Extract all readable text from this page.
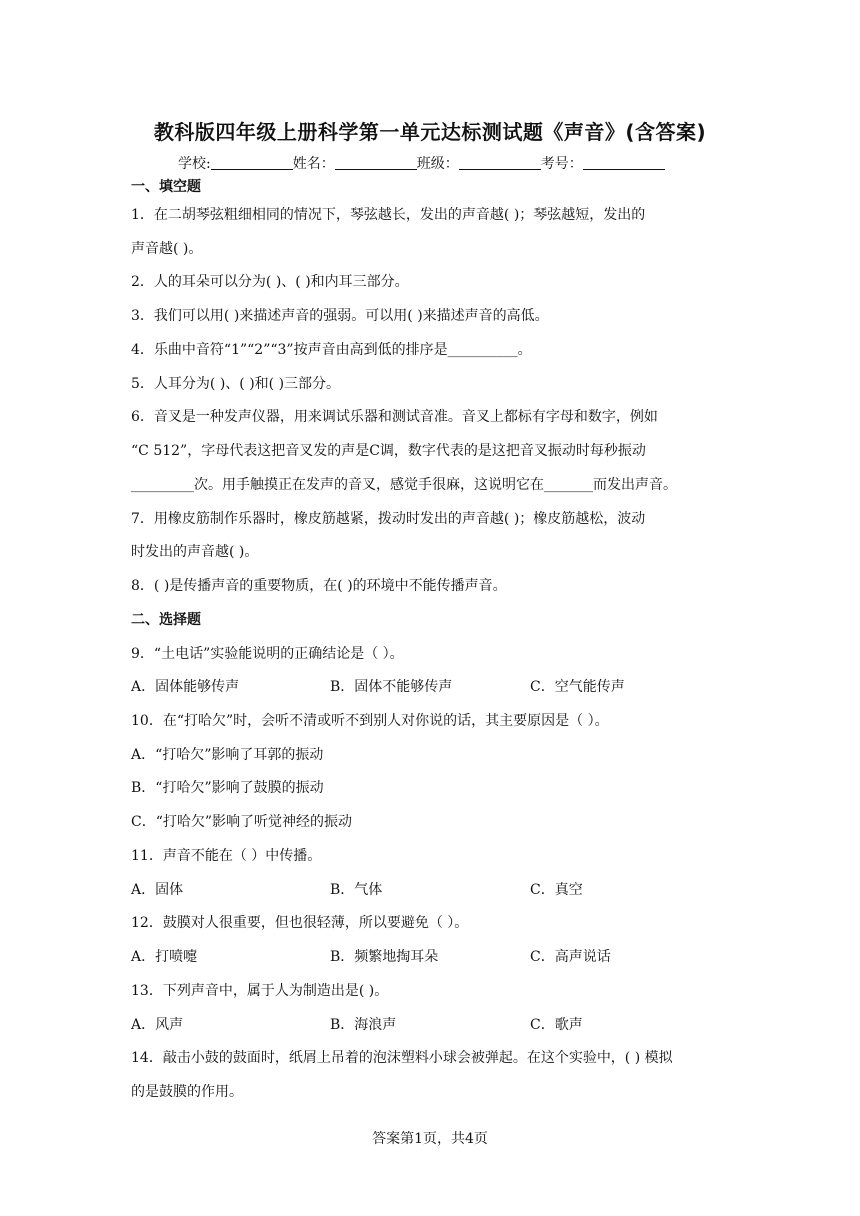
教科版四年级上册科学第一单元达标测试题《声音》(含答案)
学校:	姓名：	班级：	考号：
一、填空题
1．在二胡琴弦粗细相同的情况下，琴弦越长，发出的声音越( )；琴弦越短，发出的
声音越( )。
2．人的耳朵可以分为( )、( )和内耳三部分。
3．我们可以用( )来描述声音的强弱。可以用( )来描述声音的高低。
4．乐曲中音符“1”“2”“3”按声音由高到低的排序是__________。
5．人耳分为( )、( )和( )三部分。
6．音叉是一种发声仪器，用来调试乐器和测试音准。音叉上都标有字母和数字，例如
“C 512”，字母代表这把音叉发的声是C调，数字代表的是这把音叉振动时每秒振动
_________次。用手触摸正在发声的音叉，感觉手很麻，这说明它在_______而发出声音。
7．用橡皮筋制作乐器时，橡皮筋越紧，拨动时发出的声音越( )；橡皮筋越松，波动
时发出的声音越( )。
8．( )是传播声音的重要物质，在( )的环境中不能传播声音。
二、选择题
9．“土电话”实验能说明的正确结论是（ ）。
A．固体能够传声	B．固体不能够传声	C．空气能传声
10．在“打哈欠”时，会听不清或听不到别人对你说的话，其主要原因是（ ）。
A．“打哈欠”影响了耳郭的振动
B．“打哈欠”影响了鼓膜的振动
C．“打哈欠”影响了听觉神经的振动
11．声音不能在（ ）中传播。
A．固体	B．气体	C．真空
12．鼓膜对人很重要，但也很轻薄，所以要避免（ ）。
A．打喷嚏	B．频繁地掏耳朵	C．高声说话
13．下列声音中，属于人为制造出是( )。
A．风声	B．海浪声	C．歌声
14．敲击小鼓的鼓面时，纸屑上吊着的泡沫塑料小球会被弹起。在这个实验中，( ) 模拟
的是鼓膜的作用。
答案第1页，共4页
